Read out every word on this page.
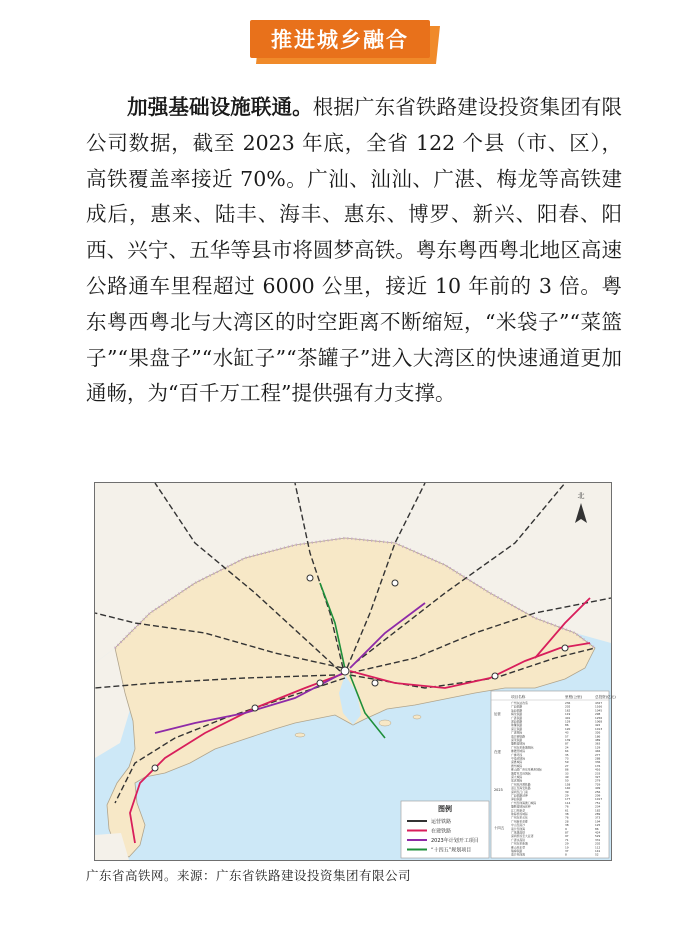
推进城乡融合

加强基础设施联通。根据广东省铁路建设投资集团有限公司数据，截至 2023 年底，全省 122 个县（市、区），高铁覆盖率接近 70%。广汕、汕汕、广湛、梅龙等高铁建成后，惠来、陆丰、海丰、惠东、博罗、新兴、阳春、阳西、兴宁、五华等县市将圆梦高铁。粤东粤西粤北地区高速公路通车里程超过 6000 公里，接近 10 年前的 3 倍。粤东粤西粤北与大湾区的时空距离不断缩短，“米袋子”“菜篮子”“果盘子”“水缸子”“茶罐子”进入大湾区的快速通道更加通畅，为“百千万工程”提供强有力支撑。

北
项目名称	里程(公里)	总投资(亿元)
广州东站改造	236	4327
广汕铁路	202	1166
汕汕铁路	162	1045
梅龙铁路	119	298
广湛铁路	401	1256
深汕铁路	129	1068
珠肇铁路	86	422
深江铁路	120	1013
广清城际	43	326
南沙港铁路	57	186
深茂铁路	139	489
肇顺南城际	87	363
广州东至新塘城际	24	129
佛穗莞城际	64	446
广佛环线	35	277
中南虎城际	73	288
深惠城际	59	336
惠州城际	27	176
佛山经广州东至惠州城际	86	416
塘厦至龙岗城际	33	233
深大城际	49	327
常虎城际	50	279
广州至河源铁路	158	729
湛江至海安铁路	140	409
深圳至江门南	39	256
广汕铁路延伸	29	209
漳汕铁路	177	1017
广州至珠海澳门城际	114	751
肇顺南城际延伸	76	234
江门至新会	61	182
珠海机场城际	38	289
广州东至从化	76	373
广州新至花都	28	194
中山至南沙	38	125
南沙至珠海	9	86
广珠澳高铁	87	424
深圳机场至大亚湾	97	529
广清永高铁	71	331
广州东至新塘	29	202
佛山至东莞	19	112
瑞梅铁路	37	141
南沙至珠海	8	52
运营
在建
2023
十四五
图例
运营铁路
在建铁路
2023年计划开工项目
“十四五”规划项目
广东省高铁网。来源：广东省铁路建设投资集团有限公司
